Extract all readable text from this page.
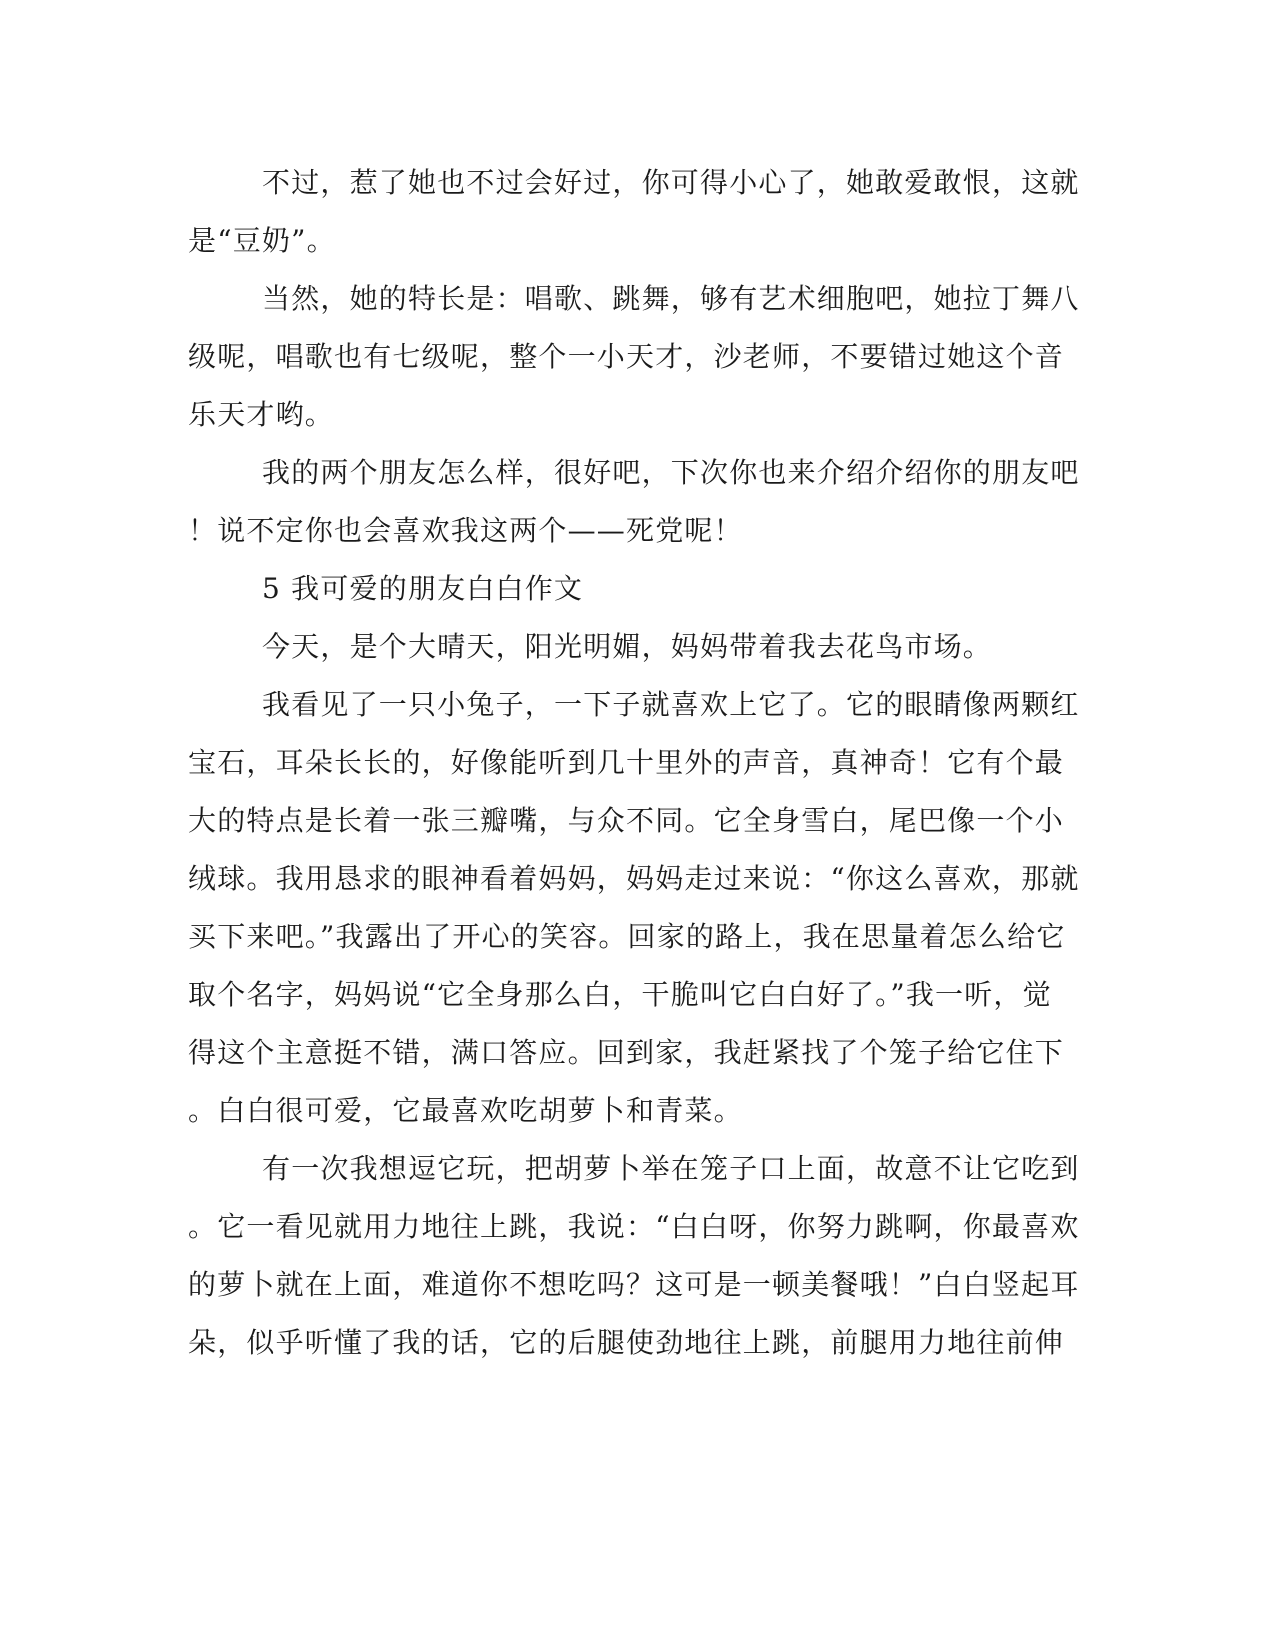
不过，惹了她也不过会好过，你可得小心了，她敢爱敢恨，这就
是“豆奶”。
当然，她的特长是：唱歌、跳舞，够有艺术细胞吧，她拉丁舞八
级呢，唱歌也有七级呢，整个一小天才，沙老师，不要错过她这个音
乐天才哟。
我的两个朋友怎么样，很好吧，下次你也来介绍介绍你的朋友吧
！说不定你也会喜欢我这两个——死党呢！
5 我可爱的朋友白白作文
今天，是个大晴天，阳光明媚，妈妈带着我去花鸟市场。
我看见了一只小兔子，一下子就喜欢上它了。它的眼睛像两颗红
宝石，耳朵长长的，好像能听到几十里外的声音，真神奇！它有个最
大的特点是长着一张三瓣嘴，与众不同。它全身雪白，尾巴像一个小
绒球。我用恳求的眼神看着妈妈，妈妈走过来说：“你这么喜欢，那就
买下来吧。”我露出了开心的笑容。回家的路上，我在思量着怎么给它
取个名字，妈妈说“它全身那么白，干脆叫它白白好了。”我一听，觉
得这个主意挺不错，满口答应。回到家，我赶紧找了个笼子给它住下
。白白很可爱，它最喜欢吃胡萝卜和青菜。
有一次我想逗它玩，把胡萝卜举在笼子口上面，故意不让它吃到
。它一看见就用力地往上跳，我说：“白白呀，你努力跳啊，你最喜欢
的萝卜就在上面，难道你不想吃吗？这可是一顿美餐哦！”白白竖起耳
朵，似乎听懂了我的话，它的后腿使劲地往上跳，前腿用力地往前伸
